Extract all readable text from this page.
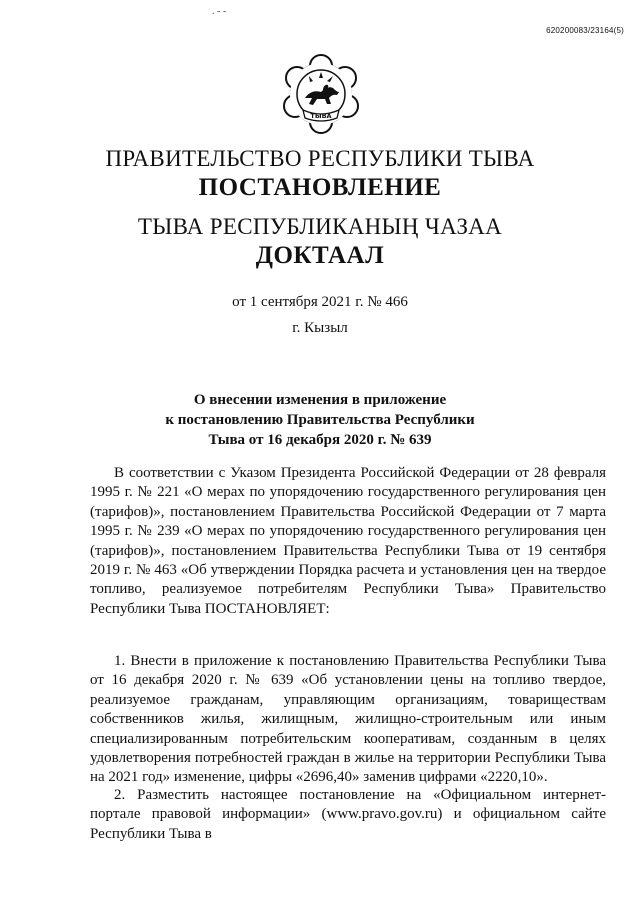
. - -
620200083/23164(5)
ТЫВА
ПРАВИТЕЛЬСТВО РЕСПУБЛИКИ ТЫВА
ПОСТАНОВЛЕНИЕ
ТЫВА РЕСПУБЛИКАНЫҢ ЧАЗАА
ДОКТААЛ
от 1 сентября 2021 г. № 466
г. Кызыл
О внесении изменения в приложение
к постановлению Правительства Республики
Тыва от 16 декабря 2020 г. № 639

В соответствии с Указом Президента Российской Федерации от 28 февраля 1995 г. № 221 «О мерах по упорядочению государственного регулирования цен (тарифов)», постановлением Правительства Российской Федерации от 7 марта 1995 г. № 239 «О мерах по упорядочению государственного регулирования цен (тарифов)», постановлением Правительства Республики Тыва от 19 сентября 2019 г. № 463 «Об утверждении Порядка расчета и установления цен на твердое топливо, реализуемое потребителям Республики Тыва» Правительство Республики Тыва ПОСТАНОВЛЯЕТ:

1. Внести в приложение к постановлению Правительства Республики Тыва от 16 декабря 2020 г. № 639 «Об установлении цены на топливо твердое, реализуемое гражданам, управляющим организациям, товариществам собственников жилья, жилищным, жилищно-строительным или иным специализированным потребительским кооперативам, созданным в целях удовлетворения потребностей граждан в жилье на территории Республики Тыва на 2021 год» изменение, цифры «2696,40» заменив цифрами «2220,10».

2. Разместить настоящее постановление на «Официальном интернет-портале правовой информации» (www.pravo.gov.ru) и официальном сайте Республики Тыва в
